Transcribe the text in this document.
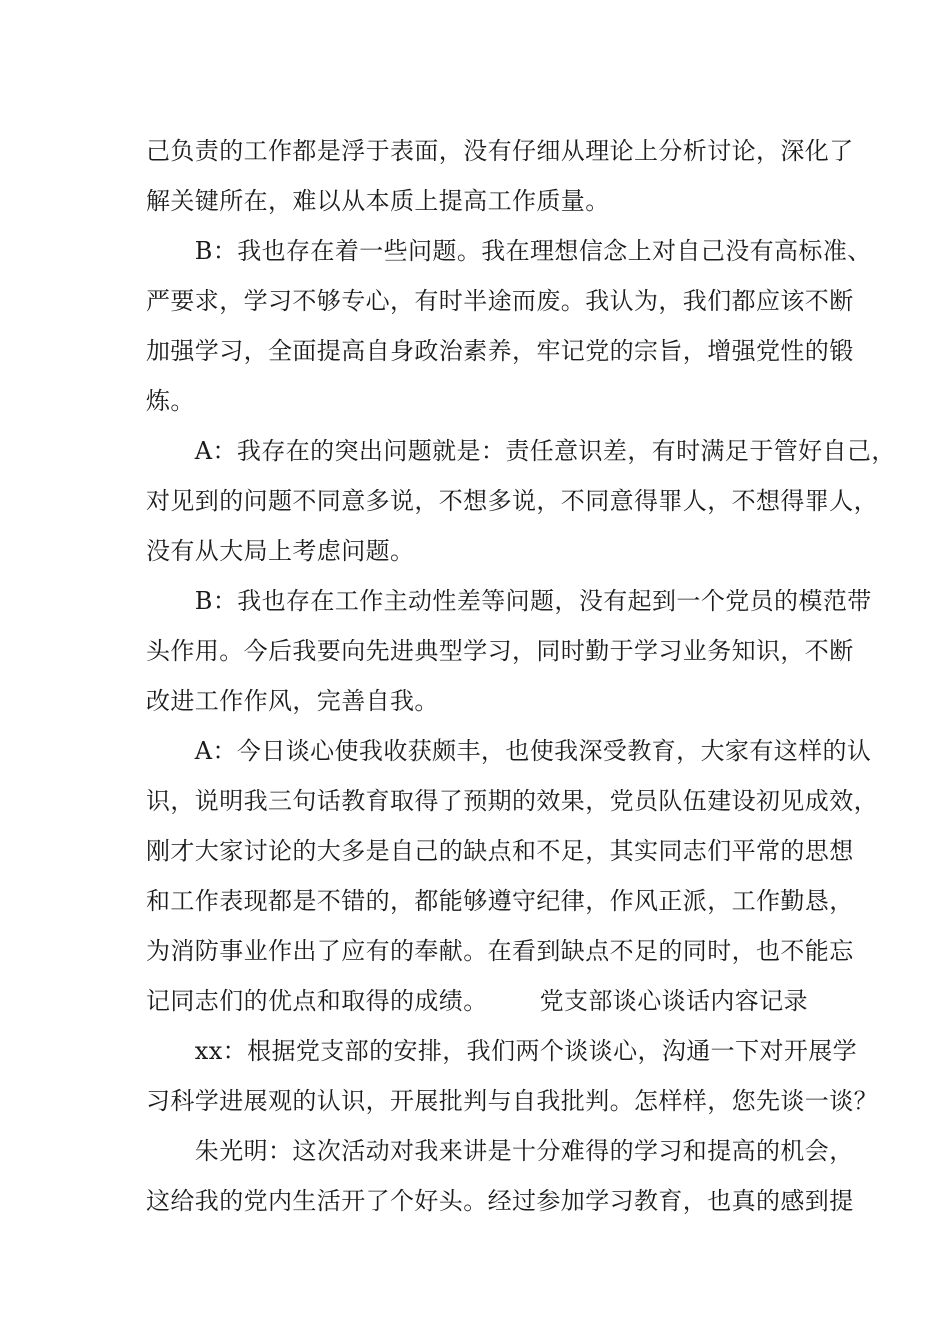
己负责的工作都是浮于表面，没有仔细从理论上分析讨论，深化了
解关键所在，难以从本质上提高工作质量。
　　B：我也存在着一些问题。我在理想信念上对自己没有高标准、
严要求，学习不够专心，有时半途而废。我认为，我们都应该不断
加强学习，全面提高自身政治素养，牢记党的宗旨，增强党性的锻
炼。
　　A：我存在的突出问题就是：责任意识差，有时满足于管好自己，
对见到的问题不同意多说，不想多说，不同意得罪人，不想得罪人，
没有从大局上考虑问题。
　　B：我也存在工作主动性差等问题，没有起到一个党员的模范带
头作用。今后我要向先进典型学习，同时勤于学习业务知识，不断
改进工作作风，完善自我。
　　A：今日谈心使我收获颇丰，也使我深受教育，大家有这样的认
识，说明我三句话教育取得了预期的效果，党员队伍建设初见成效，
刚才大家讨论的大多是自己的缺点和不足，其实同志们平常的思想
和工作表现都是不错的，都能够遵守纪律，作风正派，工作勤恳，
为消防事业作出了应有的奉献。在看到缺点不足的同时，也不能忘
记同志们的优点和取得的成绩。 党支部谈心谈话内容记录
　　xx：根据党支部的安排，我们两个谈谈心，沟通一下对开展学
习科学进展观的认识，开展批判与自我批判。怎样样，您先谈一谈？
　　朱光明：这次活动对我来讲是十分难得的学习和提高的机会，
这给我的党内生活开了个好头。经过参加学习教育，也真的感到提
